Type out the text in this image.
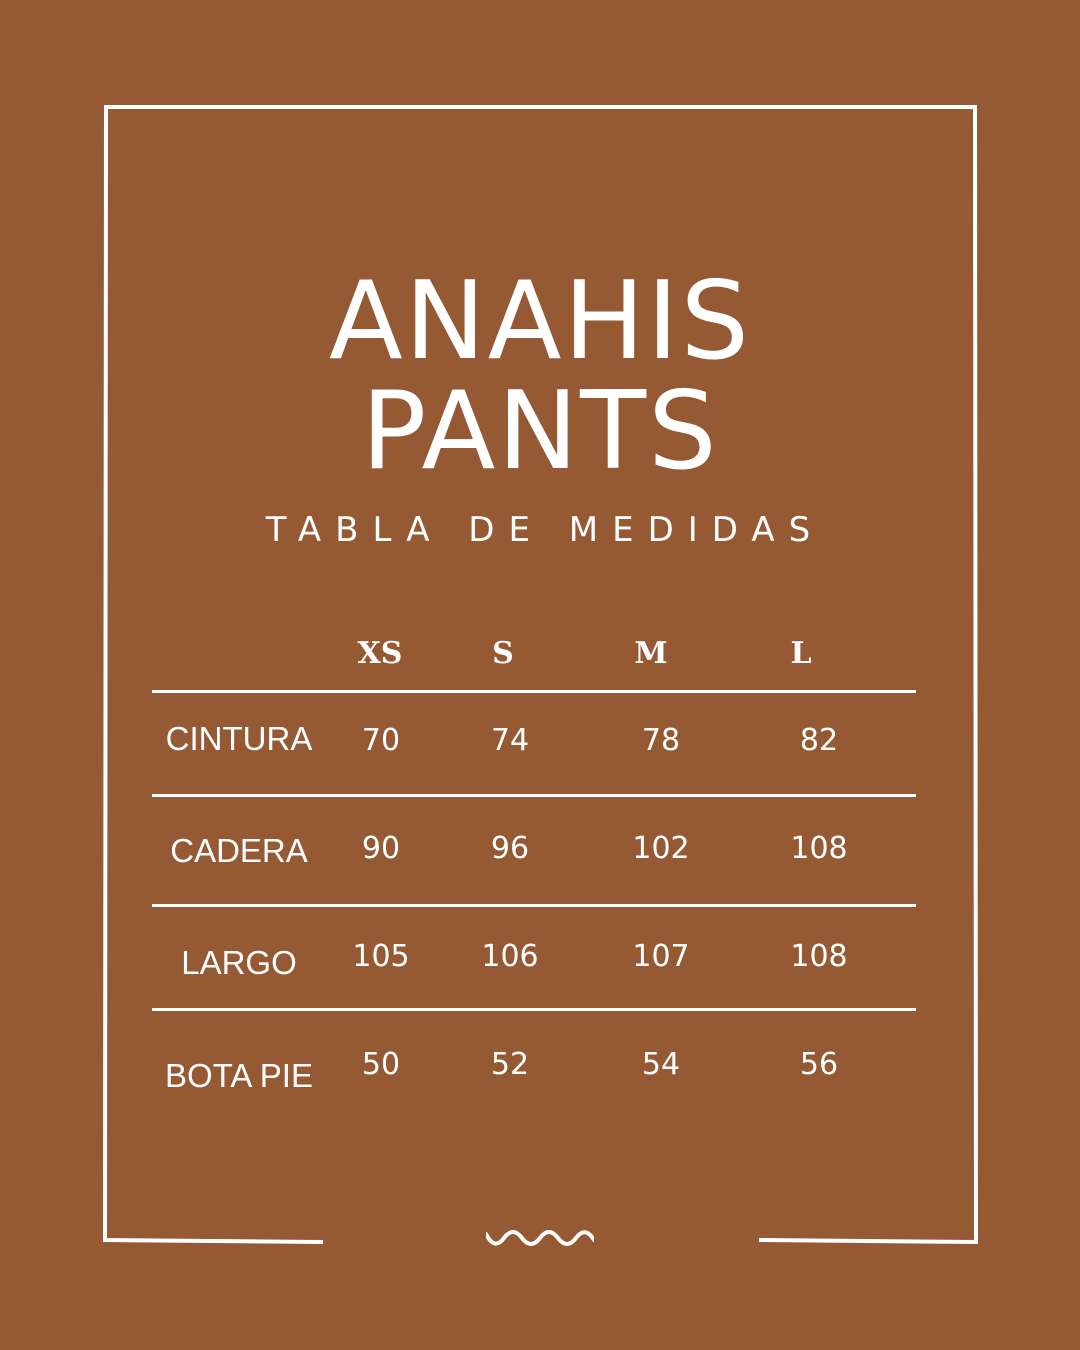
ANAHIS
PANTS
TABLA DE MEDIDAS
XS	S	M	L
CINTURA 70	74	78	82
CADERA 90	96	102	108
LARGO 105 106	107	108
BOTA PIE 50	52	54	56
